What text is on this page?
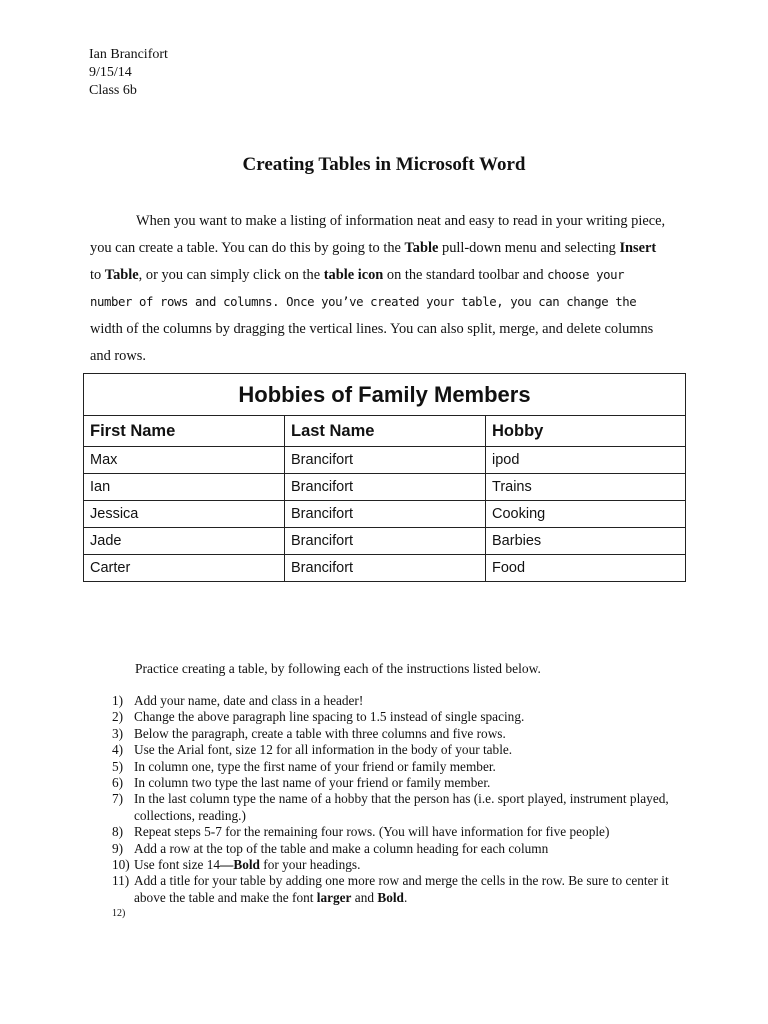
Ian Brancifort
9/15/14
Class 6b
Creating Tables in Microsoft Word

When you want to make a listing of information neat and easy to read in your writing piece, you can create a table. You can do this by going to the Table pull-down menu and selecting Insert to Table, or you can simply click on the table icon on the standard toolbar and choose your number of rows and columns. Once you’ve created your table, you can change the width of the columns by dragging the vertical lines. You can also split, merge, and delete columns and rows.

Hobbies of Family Members		
First Name	Last Name	Hobby
Max	Brancifort	ipod
Ian	Brancifort	Trains
Jessica	Brancifort	Cooking
Jade	Brancifort	Barbies
Carter	Brancifort	Food
Practice creating a table, by following each of the instructions listed below.
1) Add your name, date and class in a header!
2) Change the above paragraph line spacing to 1.5 instead of single spacing.
3) Below the paragraph, create a table with three columns and five rows.
4) Use the Arial font, size 12 for all information in the body of your table.
5) In column one, type the first name of your friend or family member.
6) In column two type the last name of your friend or family member.
7) In the last column type the name of a hobby that the person has (i.e. sport played, instrument played, collections, reading.)
8) Repeat steps 5-7 for the remaining four rows. (You will have information for five people)
9) Add a row at the top of the table and make a column heading for each column
10) Use font size 14—Bold for your headings.
11) Add a title for your table by adding one more row and merge the cells in the row. Be sure to center it above the table and make the font larger and Bold.
12)
